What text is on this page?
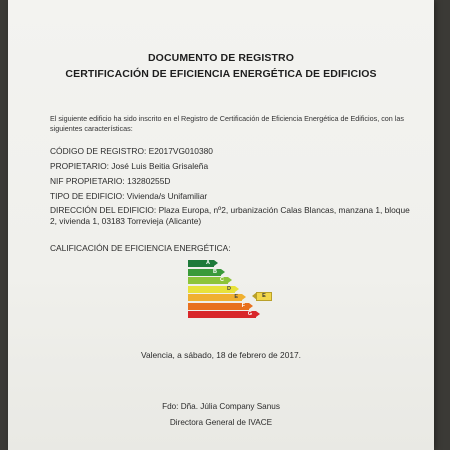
DOCUMENTO DE REGISTRO
CERTIFICACIÓN DE EFICIENCIA ENERGÉTICA DE EDIFICIOS
El siguiente edificio ha sido inscrito en el Registro de Certificación de Eficiencia Energética de Edificios, con las siguientes características:
CÓDIGO DE REGISTRO: E2017VG010380
PROPIETARIO: José Luis Beitia Grisaleña
NIF PROPIETARIO: 13280255D
TIPO DE EDIFICIO: Vivienda/s Unifamiliar
DIRECCIÓN DEL EDIFICIO: Plaza Europa, nº2, urbanización Calas Blancas, manzana 1, bloque 2, vivienda 1, 03183 Torrevieja (Alicante)
CALIFICACIÓN DE EFICIENCIA ENERGÉTICA:
A
B
C
D
E
F
G
E
Valencia, a sábado, 18 de febrero de 2017.
Fdo: Dña. Júlia Company Sanus
Directora General de IVACE
